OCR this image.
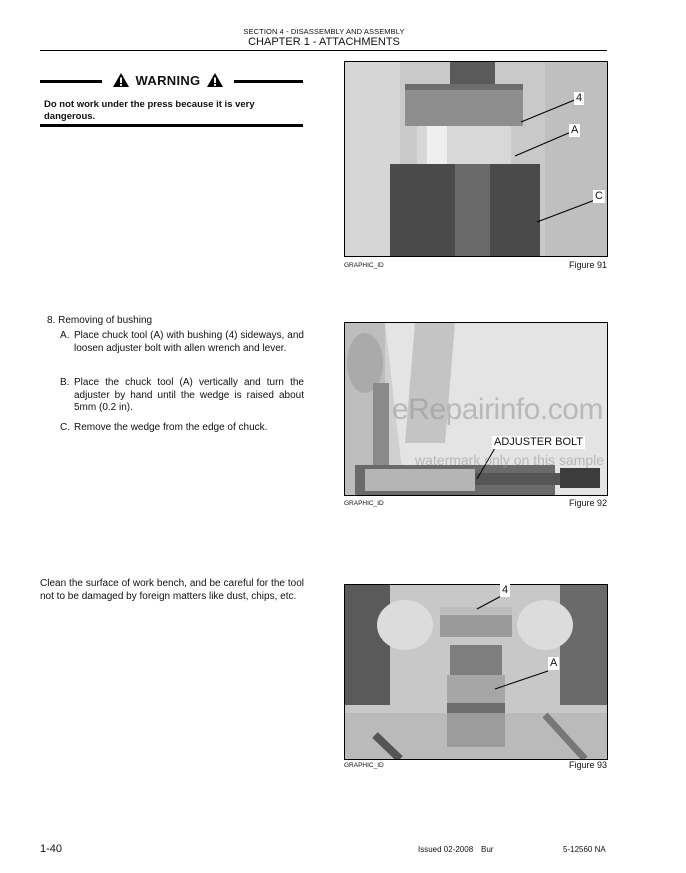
SECTION 4 - DISASSEMBLY AND ASSEMBLY
CHAPTER 1 - ATTACHMENTS
WARNING
Do not work under the press because it is very dangerous.
4
A
C
GRAPHIC_ID	Figure 91
8. Removing of bushing
A. Place chuck tool (A) with bushing (4) sideways, and loosen adjuster bolt with allen wrench and lever.
B. Place the chuck tool (A) vertically and turn the adjuster by hand until the wedge is raised about 5mm (0.2 in).
C. Remove the wedge from the edge of chuck.
ADJUSTER BOLT
GRAPHIC_ID	Figure 92
eRepairinfo.com
watermark only on this sample
Clean the surface of work bench, and be careful for the tool not to be damaged by foreign matters like dust, chips, etc.	4
A
GRAPHIC_ID	Figure 93
1-40	Issued 02-2008 Bur	5-12560 NA
